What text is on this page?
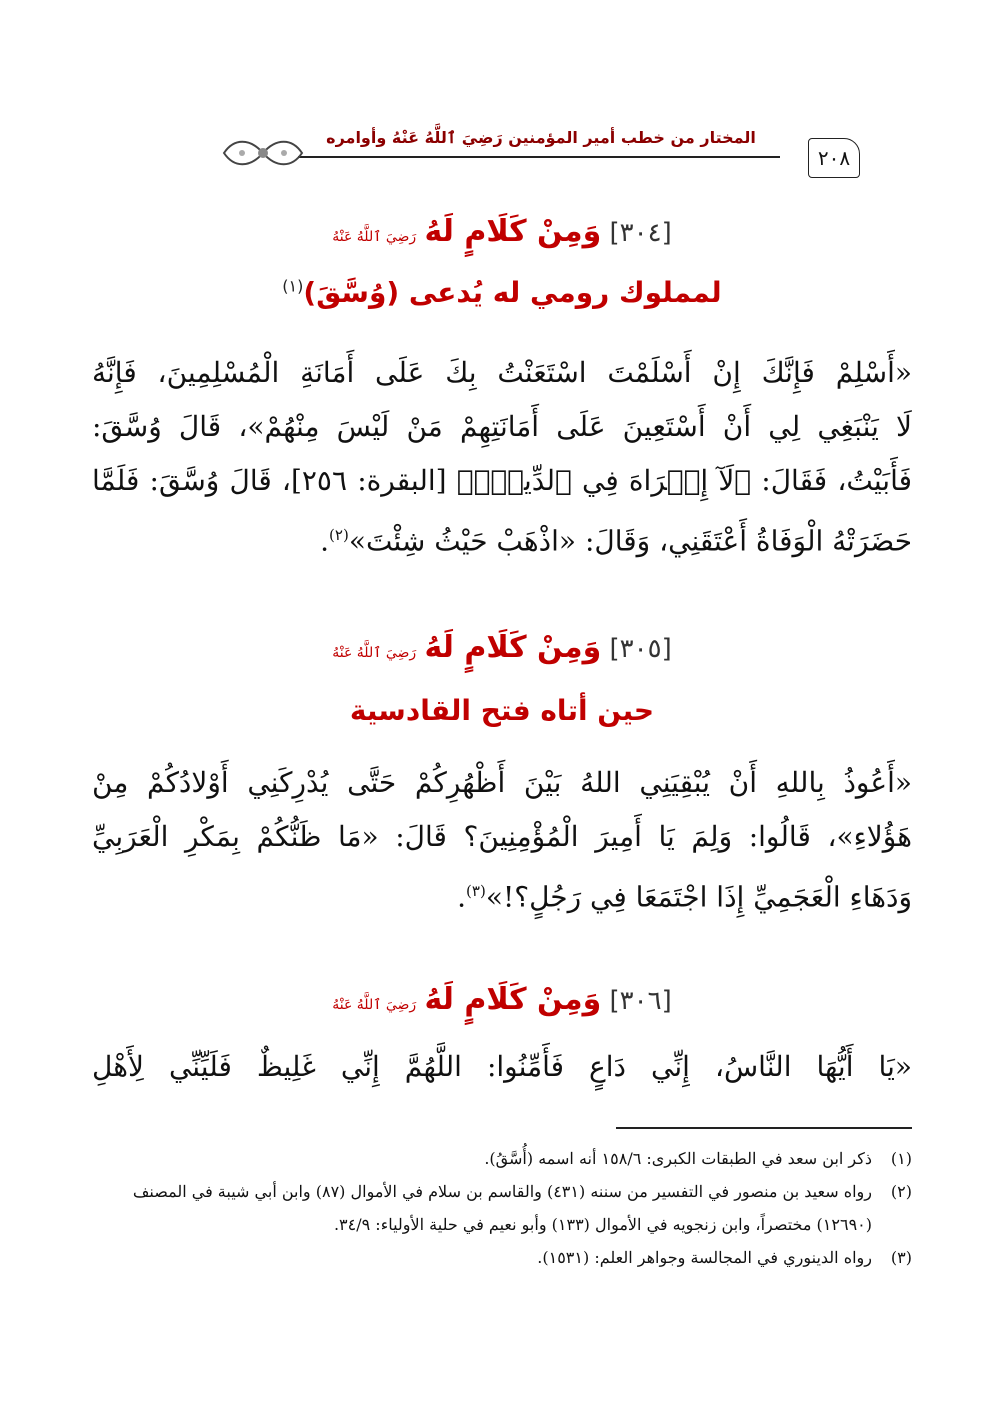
٢٠٨
المختار من خطب أمير المؤمنين رَضِيَ ٱللَّهُ عَنْهُ وأوامره
[٣٠٤] وَمِنْ كَلَامٍ لَهُ رَضِيَ ٱللَّهُ عَنْهُ
لمملوك رومي له يُدعى (وُسَّقَ)$^{(١)}$
«أَسْلِمْ فَإِنَّكَ إِنْ أَسْلَمْتَ اسْتَعَنْتُ بِكَ عَلَى أَمَانَةِ الْمُسْلِمِينَ، فَإِنَّهُ
لَا يَنْبَغِي لِي أَنْ أَسْتَعِينَ عَلَى أَمَانَتِهِمْ مَنْ لَيْسَ مِنْهُمْ»، قَالَ وُسَّقَ:
فَأَبَيْتُ، فَقَالَ: ﴿لَآ إِكۡرَاهَ فِي ٱلدِّينِۖ﴾ [البقرة: ٢٥٦]، قَالَ وُسَّقَ: فَلَمَّا
حَضَرَتْهُ الْوَفَاةُ أَعْتَقَنِي، وَقَالَ: «اذْهَبْ حَيْثُ شِئْتَ»$^{(٢)}$.
[٣٠٥] وَمِنْ كَلَامٍ لَهُ رَضِيَ ٱللَّهُ عَنْهُ
حين أتاه فتح القادسية
«أَعُوذُ بِاللهِ أَنْ يُبْقِيَنِي اللهُ بَيْنَ أَظْهُرِكُمْ حَتَّى يُدْرِكَنِي أَوْلادُكُمْ مِنْ
هَؤُلاءِ»، قَالُوا: وَلِمَ يَا أَمِيرَ الْمُؤْمِنِينَ؟ قَالَ: «مَا ظَنُّكُمْ بِمَكْرِ الْعَرَبِيِّ
وَدَهَاءِ الْعَجَمِيِّ إِذَا اجْتَمَعَا فِي رَجُلٍ؟!»$^{(٣)}$.
[٣٠٦] وَمِنْ كَلَامٍ لَهُ رَضِيَ ٱللَّهُ عَنْهُ
«يَا أَيُّهَا النَّاسُ، إِنِّي دَاعٍ فَأَمِّنُوا: اللَّهُمَّ إِنِّي غَلِيظٌ فَلَيِّنِّي لِأَهْلِ
(١)
ذكر ابن سعد في الطبقات الكبرى: ١٥٨/٦ أنه اسمه (أُسَّقُ).
(٢)
رواه سعيد بن منصور في التفسير من سننه (٤٣١) والقاسم بن سلام في الأموال (٨٧) وابن أبي شيبة في المصنف (١٢٦٩٠) مختصراً، وابن زنجويه في الأموال (١٣٣) وأبو نعيم في حلية الأولياء: ٣٤/٩.
(٣)
رواه الدينوري في المجالسة وجواهر العلم: (١٥٣١).
